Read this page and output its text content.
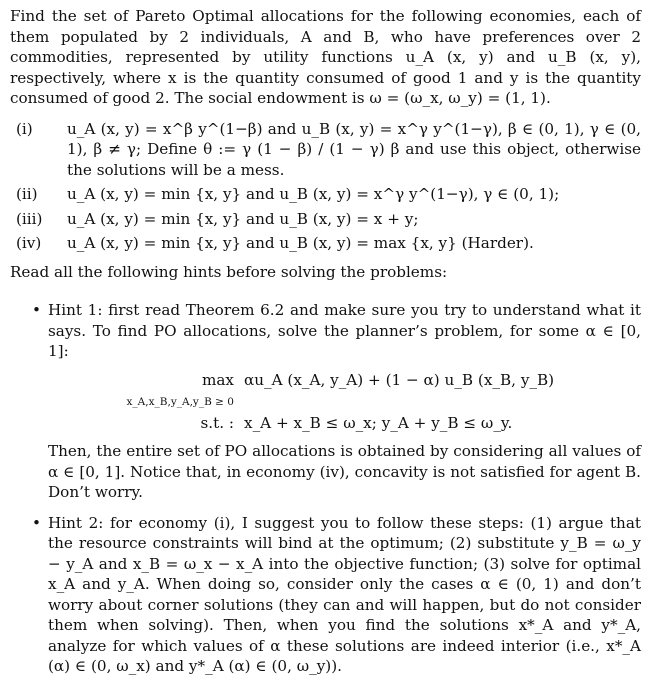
Find the set of Pareto Optimal allocations for the following economies, each of them populated by 2 individuals, A and B, who have preferences over 2 commodities, represented by utility functions u_A (x, y) and u_B (x, y), respectively, where x is the quantity consumed of good 1 and y is the quantity consumed of good 2. The social endowment is ω = (ω_x, ω_y) = (1, 1).

(i)	u_A (x, y) = x^β y^(1−β) and u_B (x, y) = x^γ y^(1−γ), β ∈ (0, 1), γ ∈ (0, 1), β ≠ γ; Define θ := γ (1 − β) / (1 − γ) β and use this object, otherwise the solutions will be a mess.
(ii)	u_A (x, y) = min {x, y} and u_B (x, y) = x^γ y^(1−γ), γ ∈ (0, 1);
(iii)	u_A (x, y) = min {x, y} and u_B (x, y) = x + y;
(iv)	u_A (x, y) = min {x, y} and u_B (x, y) = max {x, y} (Harder).

Read all the following hints before solving the problems:

• Hint 1: first read Theorem 6.2 and make sure you try to understand what it says. To find PO allocations, solve the planner’s problem, for some α ∈ [0, 1]:
max
x_A,x_B,y_A,y_B ≥ 0
αu_A (x_A, y_A) + (1 − α) u_B (x_B, y_B)
s.t. : x_A + x_B ≤ ω_x; y_A + y_B ≤ ω_y.
Then, the entire set of PO allocations is obtained by considering all values of α ∈ [0, 1]. Notice that, in economy (iv), concavity is not satisfied for agent B. Don’t worry.
• Hint 2: for economy (i), I suggest you to follow these steps: (1) argue that the resource constraints will bind at the optimum; (2) substitute y_B = ω_y − y_A and x_B = ω_x − x_A into the objective function; (3) solve for optimal x_A and y_A. When doing so, consider only the cases α ∈ (0, 1) and don’t worry about corner solutions (they can and will happen, but do not consider them when solving). Then, when you find the solutions x*_A and y*_A, analyze for which values of α these solutions are indeed interior (i.e., x*_A (α) ∈ (0, ω_x) and y*_A (α) ∈ (0, ω_y)).
